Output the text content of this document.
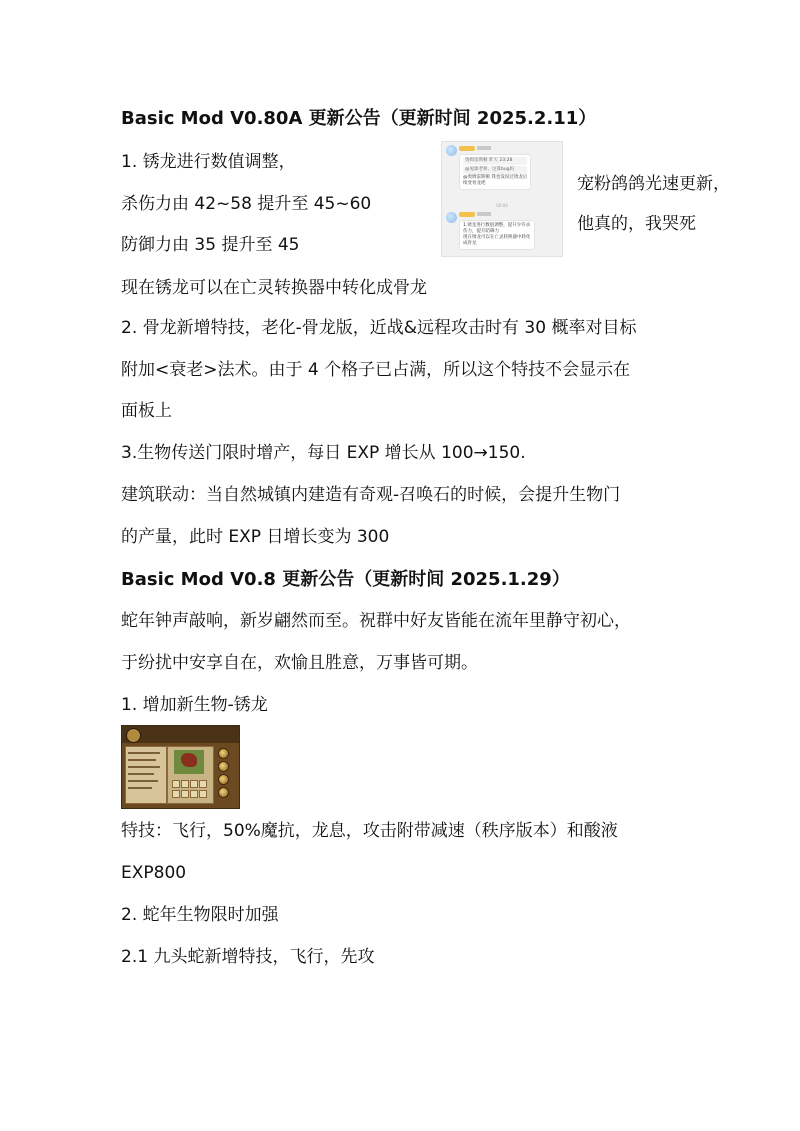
Basic Mod V0.80A 更新公告（更新时间 2025.2.11）
1. 锈龙进行数值调整，
杀伤力由 42~58 提升至 45~60
防御力由 35 提升至 45
现在锈龙可以在亡灵转换器中转化成骨龙
2. 骨龙新增特技，老化-骨龙版，近战&远程攻击时有 30 概率对目标
附加<衰老>法术。由于 4 个格子已占满，所以这个特技不会显示在
面板上
3.生物传送门限时增产，每日 EXP 增长从 100→150.
建筑联动：当自然城镇内建造有奇观-召唤石的时候，会提升生物门
的产量，此时 EXP 日增长变为 300
奥姆雷斯顿 昨天 23:28
@兔球老师，这算bug吗
@奥姆雷斯顿 我也没说过锈龙后
续变骨龙吧
00:04
1.锈龙进行数值调整，提升少许杀
伤力，提升防御力
现在锈龙可以在亡灵转换器中转化
成骨龙
宠粉鸽鸽光速更新，
他真的，我哭死
Basic Mod V0.8 更新公告（更新时间 2025.1.29）
蛇年钟声敲响，新岁翩然而至。祝群中好友皆能在流年里静守初心，
于纷扰中安享自在，欢愉且胜意，万事皆可期。
1. 增加新生物-锈龙
特技：飞行，50%魔抗，龙息，攻击附带减速（秩序版本）和酸液
EXP800
2. 蛇年生物限时加强
2.1 九头蛇新增特技，飞行，先攻
